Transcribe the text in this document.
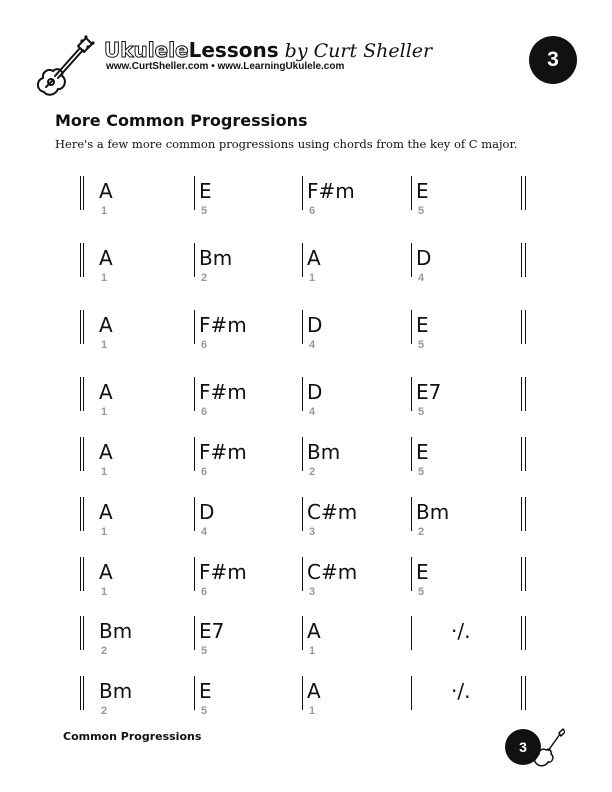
UkuleleLessons by Curt Sheller
www.CurtSheller.com • www.LearningUkulele.com	3
More Common Progressions
Here's a few more common progressions using chords from the key of C major.
A
1
E
5
F#m
6
E
5
A
1
Bm
2
A
1
D
4
A
1
F#m
6
D
4
E
5
A
1
F#m
6
D
4
E7
5
A
1
F#m
6
Bm
2
E
5
A
1
D
4
C#m
3
Bm
2
A
1
F#m
6
C#m
3
E
5
Bm
2
E7
5
A
1
·/.
Bm
2
E
5
A
1
·/.
Common Progressions
3
